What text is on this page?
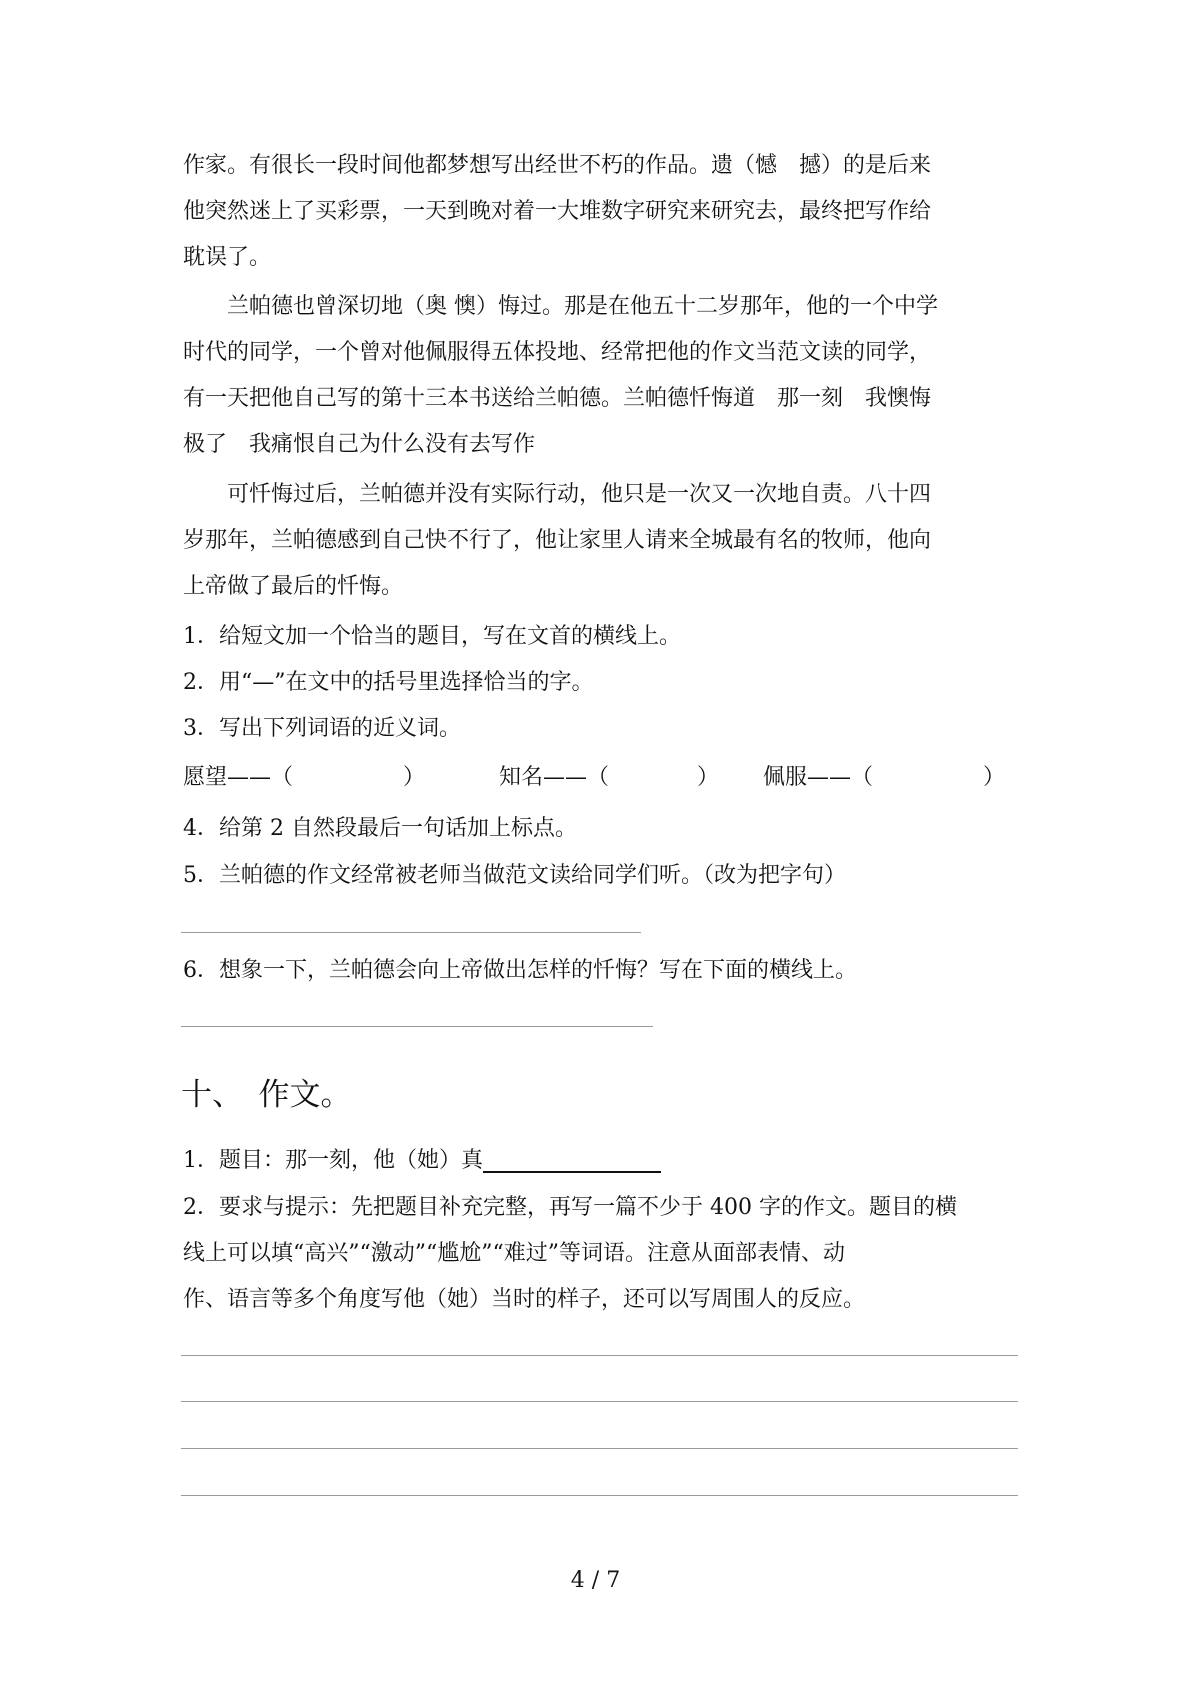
作家。有很长一段时间他都梦想写出经世不朽的作品。遗（憾　撼）的是后来
他突然迷上了买彩票，一天到晚对着一大堆数字研究来研究去，最终把写作给
耽误了。
　　兰帕德也曾深切地（奥 懊）悔过。那是在他五十二岁那年，他的一个中学
时代的同学，一个曾对他佩服得五体投地、经常把他的作文当范文读的同学，
有一天把他自己写的第十三本书送给兰帕德。兰帕德忏悔道　那一刻　我懊悔
极了　我痛恨自己为什么没有去写作
　　可忏悔过后，兰帕德并没有实际行动，他只是一次又一次地自责。八十四
岁那年，兰帕德感到自己快不行了，他让家里人请来全城最有名的牧师，他向
上帝做了最后的忏悔。
1．给短文加一个恰当的题目，写在文首的横线上。
2．用“—”在文中的括号里选择恰当的字。
3．写出下列词语的近义词。
愿望——（　　　　　）	知名——（　　　　） 佩服——（　　　　　）
4．给第 2 自然段最后一句话加上标点。
5．兰帕德的作文经常被老师当做范文读给同学们听。（改为把字句）
6．想象一下，兰帕德会向上帝做出怎样的忏悔？写在下面的横线上。
十、　作文。
1．题目：那一刻，他（她）真
2．要求与提示：先把题目补充完整，再写一篇不少于 400 字的作文。题目的横
线上可以填“高兴”“激动”“尴尬”“难过”等词语。注意从面部表情、动
作、语言等多个角度写他（她）当时的样子，还可以写周围人的反应。
4 / 7
